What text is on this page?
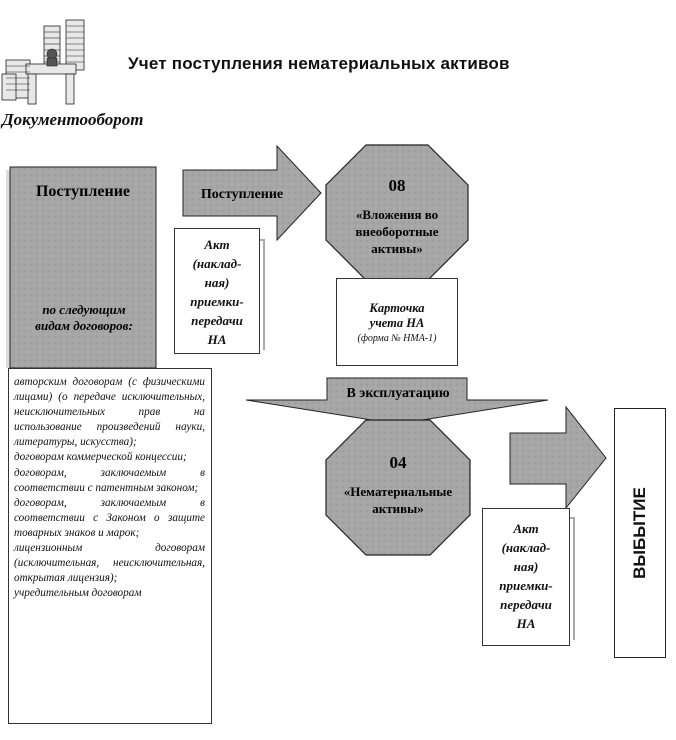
Учет поступления нематериальных активов
Документооборот
Поступление
по следующим
видам договоров:
Поступление	08
«Вложения во
внеоборотные
активы»
В эксплуатацию
04
«Нематериальные
активы»
авторским договорам (с физическими лицами) (о передаче исключительных, неисключительных прав на использование произведений науки, литературы, искусства);
договорам коммерческой концессии;
договорам, заключаемым в соответствии с патентным законом;
договорам, заключаемым в соответствии с Законом о защите товарных знаков и марок;
лицензионным договорам (исключительная, неисключительная, открытая лицензия);
учредительным договорам
Акт
(наклад-
ная)
приемки-
передачи
НА
Карточка
учета НА
(форма № НМА-1)
Акт
(наклад-
ная)
приемки-
передачи
НА
ВЫБЫТИЕ
